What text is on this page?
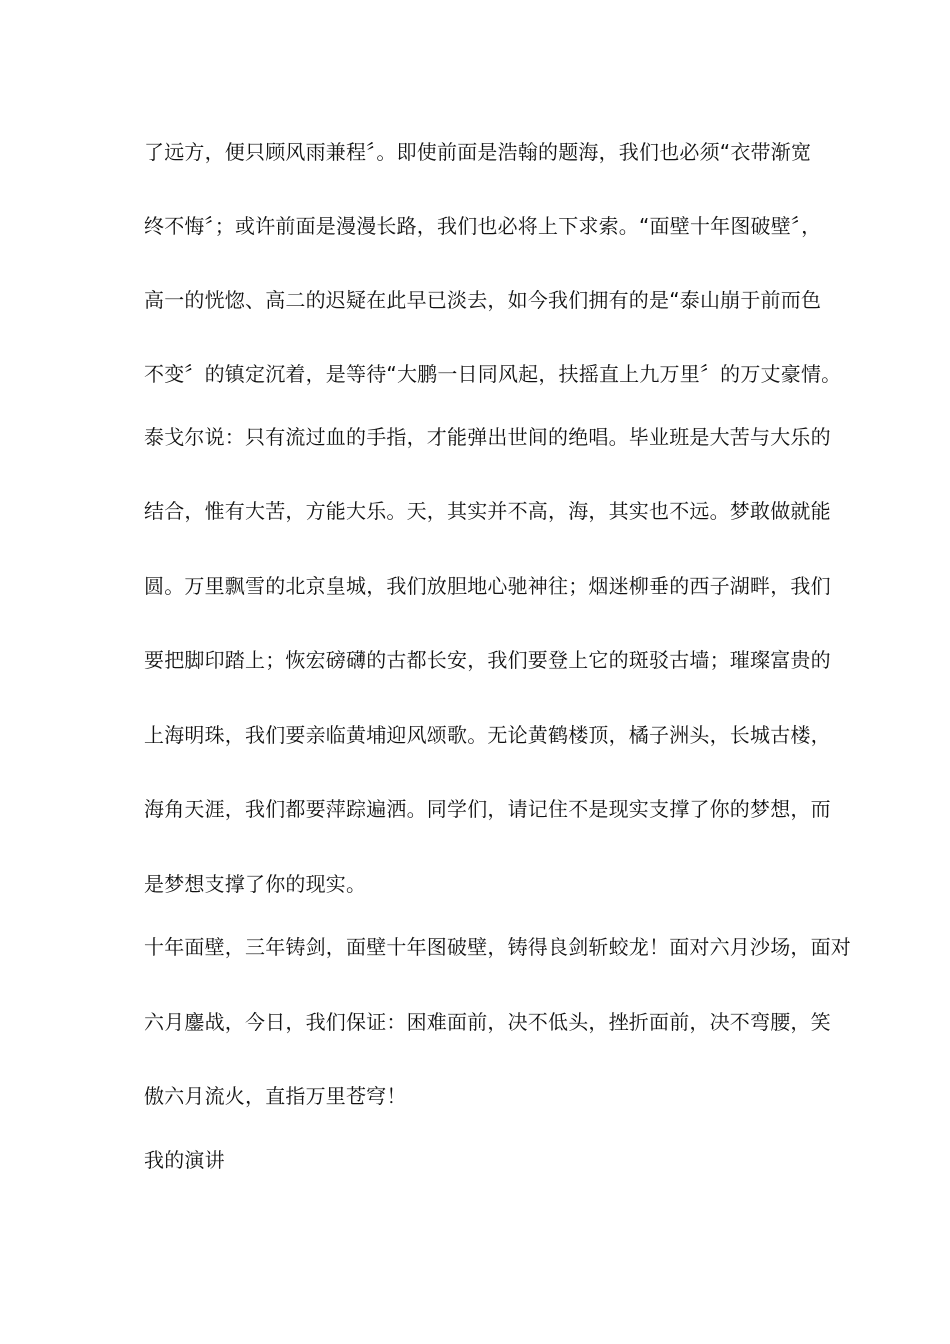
了远方，便只顾风雨兼程〞。即使前面是浩翰的题海，我们也必须“衣带渐宽
终不悔〞；或许前面是漫漫长路，我们也必将上下求索。“面壁十年图破壁〞，
高一的恍惚、高二的迟疑在此早已淡去，如今我们拥有的是“泰山崩于前而色
不变〞的镇定沉着，是等待“大鹏一日同风起，扶摇直上九万里〞的万丈豪情。
泰戈尔说：只有流过血的手指，才能弹出世间的绝唱。毕业班是大苦与大乐的
结合，惟有大苦，方能大乐。天，其实并不高，海，其实也不远。梦敢做就能
圆。万里飘雪的北京皇城，我们放胆地心驰神往；烟迷柳垂的西子湖畔，我们
要把脚印踏上；恢宏磅礴的古都长安，我们要登上它的斑驳古墙；璀璨富贵的
上海明珠，我们要亲临黄埔迎风颂歌。无论黄鹤楼顶，橘子洲头，长城古楼，
海角天涯，我们都要萍踪遍洒。同学们，请记住不是现实支撑了你的梦想，而
是梦想支撑了你的现实。
十年面壁，三年铸剑，面壁十年图破壁，铸得良剑斩蛟龙！面对六月沙场，面对
六月鏖战，今日，我们保证：困难面前，决不低头，挫折面前，决不弯腰，笑
傲六月流火，直指万里苍穹！
我的演讲
